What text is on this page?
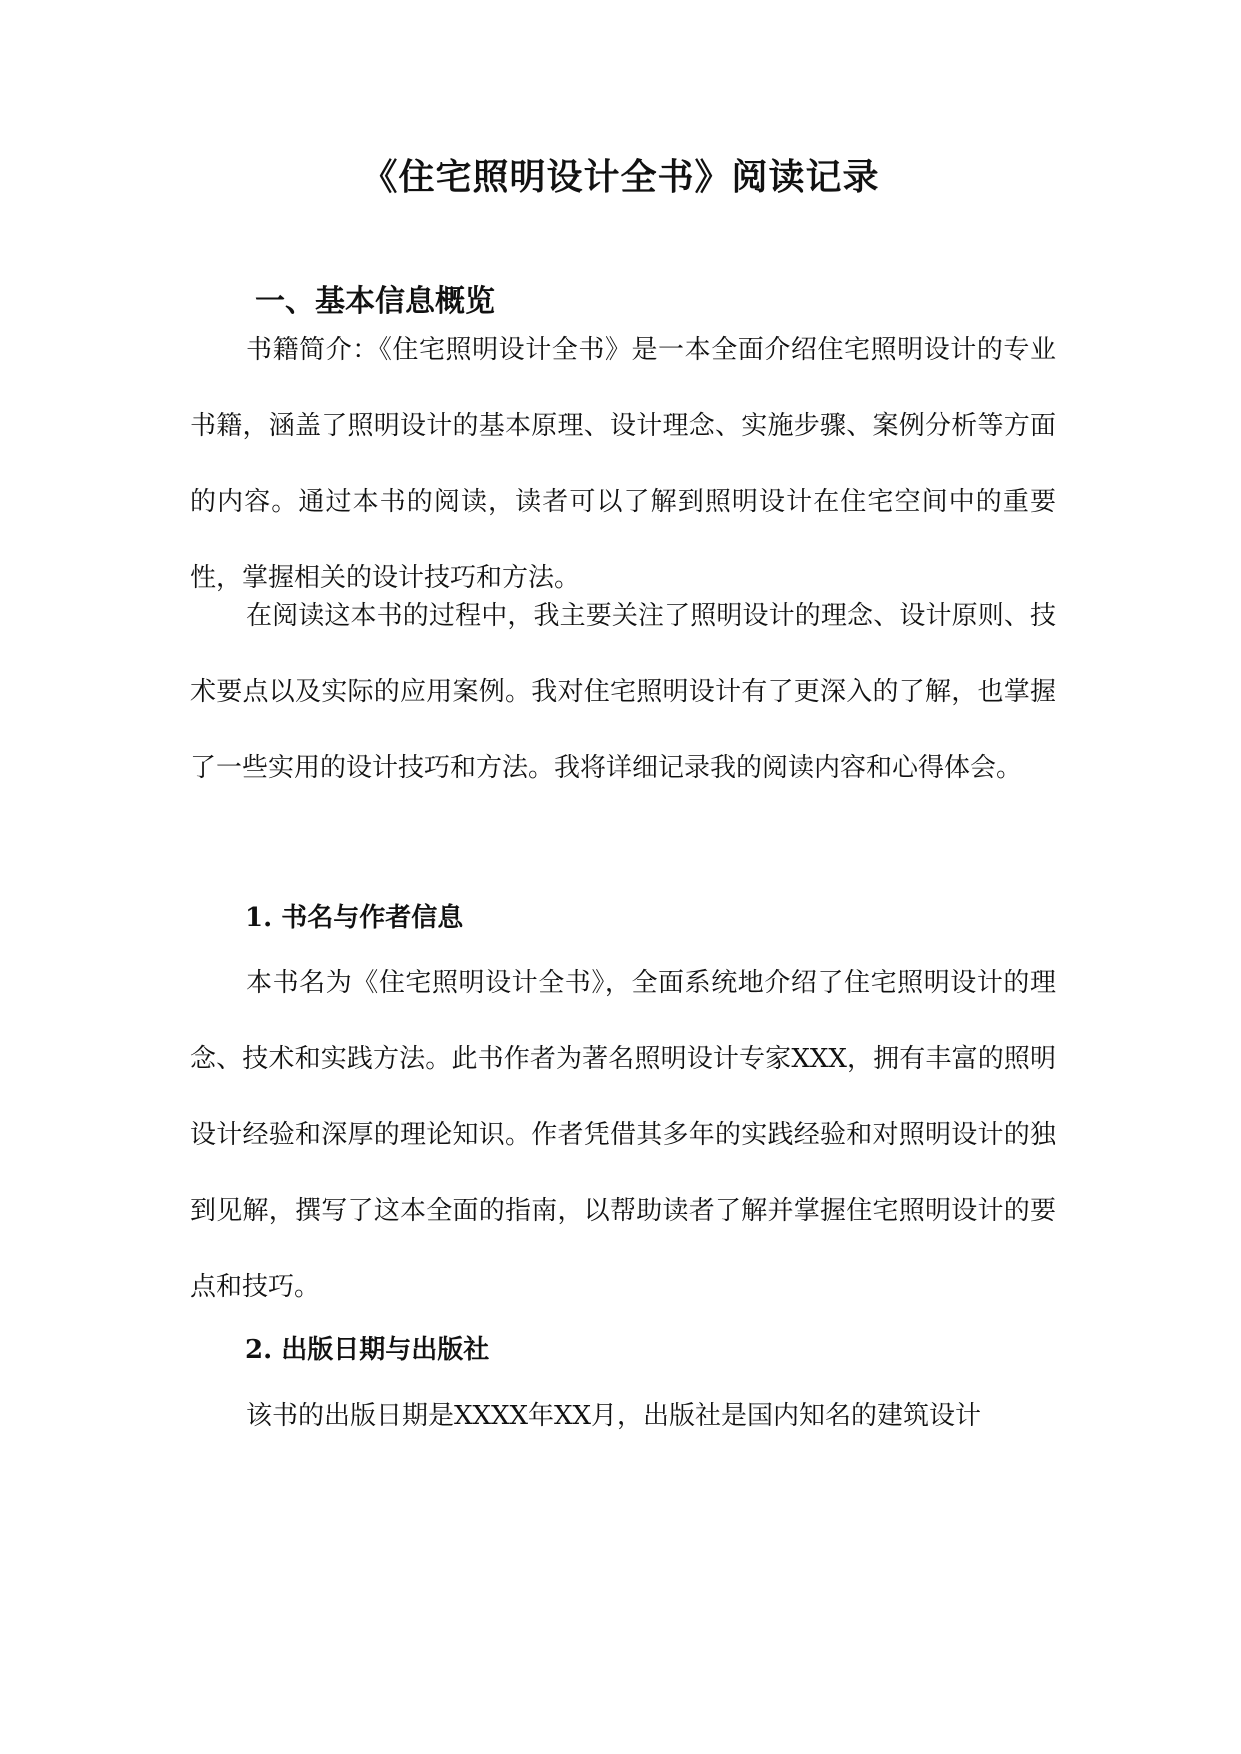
《住宅照明设计全书》阅读记录
一、基本信息概览

书籍简介：《住宅照明设计全书》是一本全面介绍住宅照明设计的专业书籍，涵盖了照明设计的基本原理、设计理念、实施步骤、案例分析等方面的内容。通过本书的阅读，读者可以了解到照明设计在住宅空间中的重要性，掌握相关的设计技巧和方法。

在阅读这本书的过程中，我主要关注了照明设计的理念、设计原则、技术要点以及实际的应用案例。我对住宅照明设计有了更深入的了解，也掌握了一些实用的设计技巧和方法。我将详细记录我的阅读内容和心得体会。

1. 书名与作者信息

本书名为《住宅照明设计全书》，全面系统地介绍了住宅照明设计的理念、技术和实践方法。此书作者为著名照明设计专家XXX，拥有丰富的照明设计经验和深厚的理论知识。作者凭借其多年的实践经验和对照明设计的独到见解，撰写了这本全面的指南，以帮助读者了解并掌握住宅照明设计的要点和技巧。

2. 出版日期与出版社

该书的出版日期是XXXX年XX月，出版社是国内知名的建筑设计
